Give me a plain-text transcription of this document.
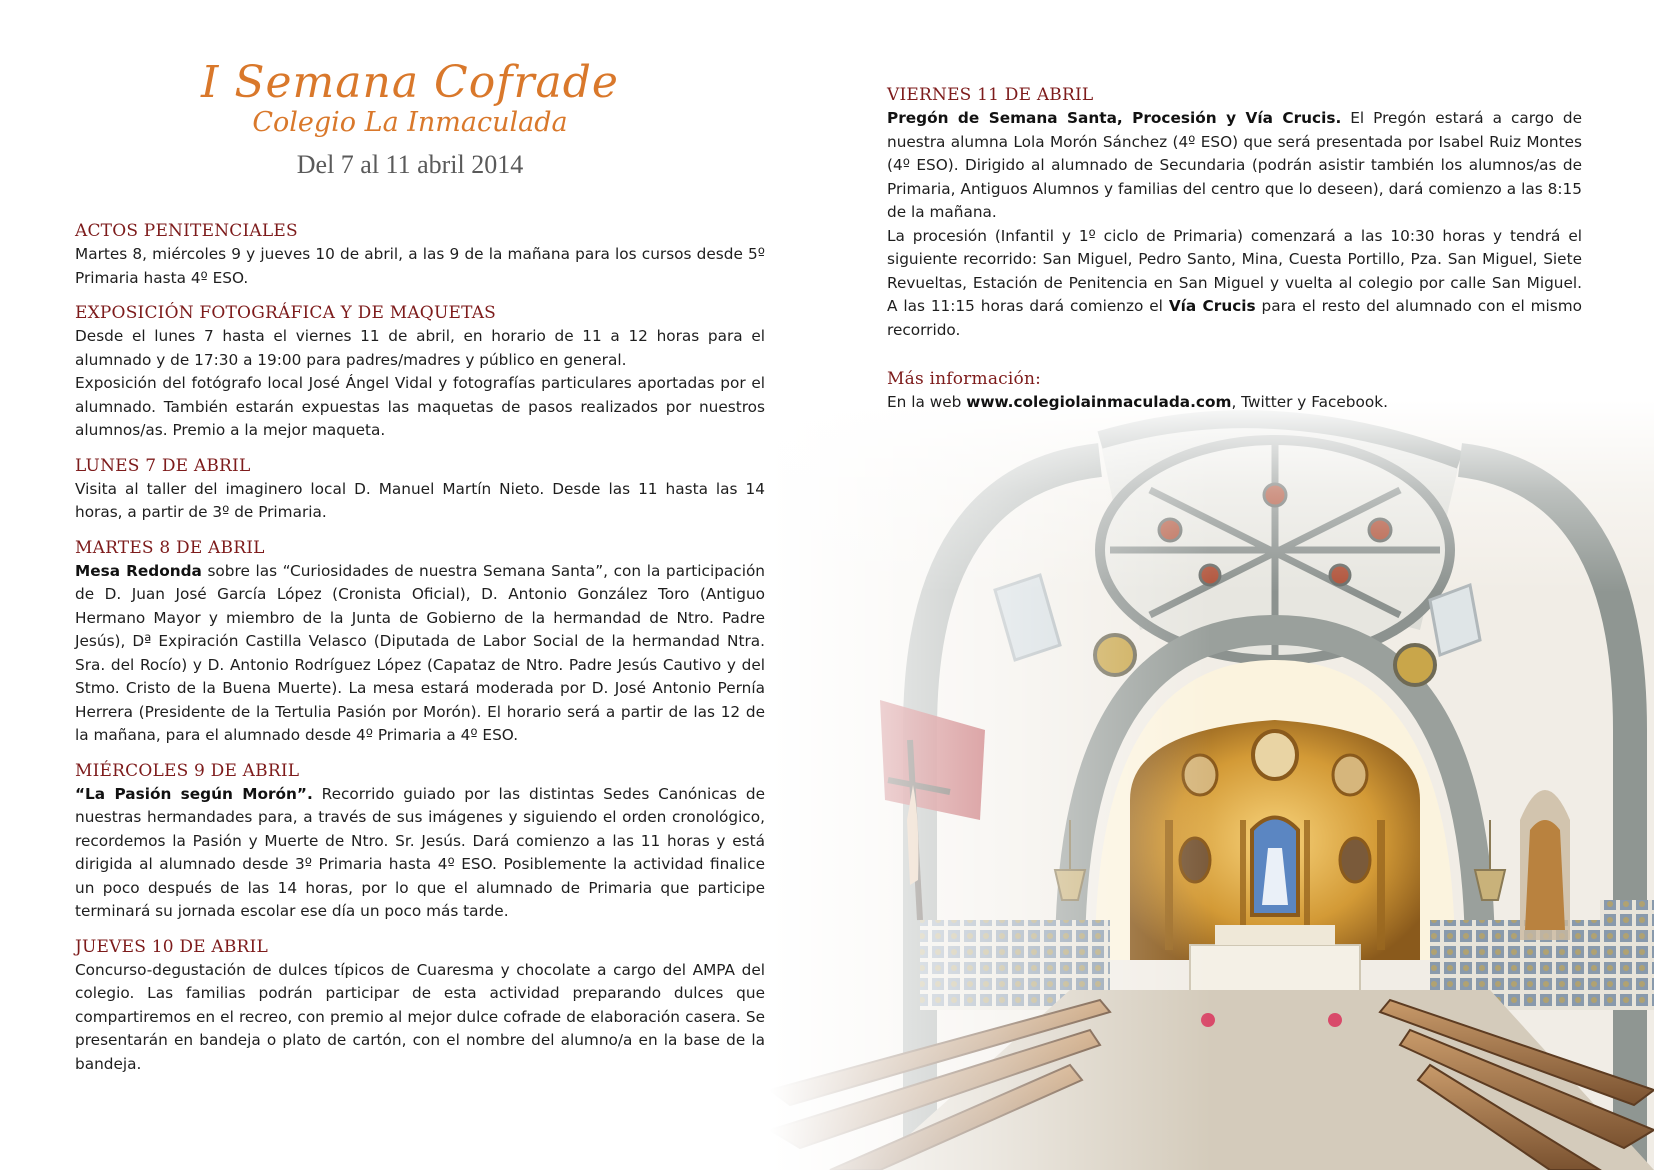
I Semana Cofrade
Colegio La Inmaculada
Del 7 al 11 abril 2014
ACTOS PENITENCIALES

Martes 8, miércoles 9 y jueves 10 de abril, a las 9 de la mañana para los cursos desde 5º Primaria hasta 4º ESO.

EXPOSICIÓN FOTOGRÁFICA Y DE MAQUETAS

Desde el lunes 7 hasta el viernes 11 de abril, en horario de 11 a 12 horas para el alumnado y de 17:30 a 19:00 para padres/madres y público en general.

Exposición del fotógrafo local José Ángel Vidal y fotografías particulares aportadas por el alumnado. También estarán expuestas las maquetas de pasos realizados por nuestros alumnos/as. Premio a la mejor maqueta.

LUNES 7 DE ABRIL

Visita al taller del imaginero local D. Manuel Martín Nieto. Desde las 11 hasta las 14 horas, a partir de 3º de Primaria.

MARTES 8 DE ABRIL

Mesa Redonda sobre las “Curiosidades de nuestra Semana Santa”, con la participación de D. Juan José García López (Cronista Oficial), D. Antonio González Toro (Antiguo Hermano Mayor y miembro de la Junta de Gobierno de la hermandad de Ntro. Padre Jesús), Dª Expiración Castilla Velasco (Diputada de Labor Social de la hermandad Ntra. Sra. del Rocío) y D. Antonio Rodríguez López (Capataz de Ntro. Padre Jesús Cautivo y del Stmo. Cristo de la Buena Muerte). La mesa estará moderada por D. José Antonio Pernía Herrera (Presidente de la Tertulia Pasión por Morón). El horario será a partir de las 12 de la mañana, para el alumnado desde 4º Primaria a 4º ESO.

MIÉRCOLES 9 DE ABRIL

“La Pasión según Morón”. Recorrido guiado por las distintas Sedes Canónicas de nuestras hermandades para, a través de sus imágenes y siguiendo el orden cronológico, recordemos la Pasión y Muerte de Ntro. Sr. Jesús. Dará comienzo a las 11 horas y está dirigida al alumnado desde 3º Primaria hasta 4º ESO. Posiblemente la actividad finalice un poco después de las 14 horas, por lo que el alumnado de Primaria que participe terminará su jornada escolar ese día un poco más tarde.

JUEVES 10 DE ABRIL

Concurso-degustación de dulces típicos de Cuaresma y chocolate a cargo del AMPA del colegio. Las familias podrán participar de esta actividad preparando dulces que compartiremos en el recreo, con premio al mejor dulce cofrade de elaboración casera. Se presentarán en bandeja o plato de cartón, con el nombre del alumno/a en la base de la bandeja.

VIERNES 11 DE ABRIL

Pregón de Semana Santa, Procesión y Vía Crucis. El Pregón estará a cargo de nuestra alumna Lola Morón Sánchez (4º ESO) que será presentada por Isabel Ruiz Montes (4º ESO). Dirigido al alumnado de Secundaria (podrán asistir también los alumnos/as de Primaria, Antiguos Alumnos y familias del centro que lo deseen), dará comienzo a las 8:15 de la mañana.

La procesión (Infantil y 1º ciclo de Primaria) comenzará a las 10:30 horas y tendrá el siguiente recorrido: San Miguel, Pedro Santo, Mina, Cuesta Portillo, Pza. San Miguel, Siete Revueltas, Estación de Penitencia en San Miguel y vuelta al colegio por calle San Miguel. A las 11:15 horas dará comienzo el Vía Crucis para el resto del alumnado con el mismo recorrido.

Más información:

En la web www.colegiolainmaculada.com, Twitter y Facebook.
